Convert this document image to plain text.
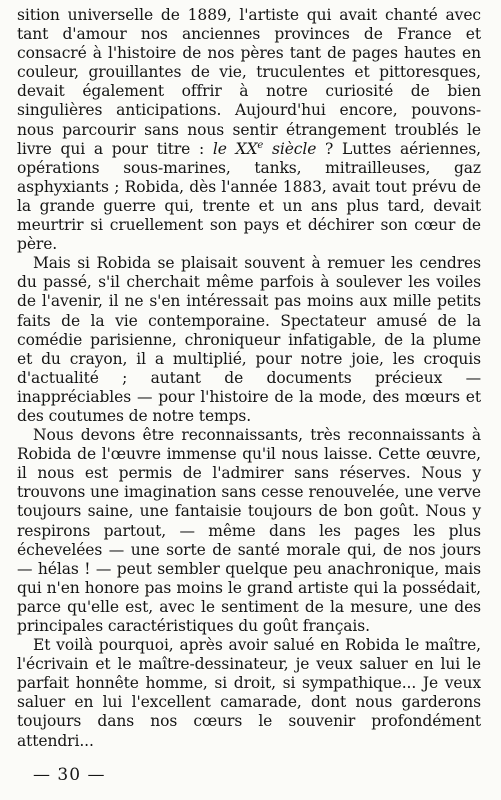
sition universelle de 1889, l'artiste qui avait chanté avec tant d'amour nos anciennes provinces de France et consacré à l'histoire de nos pères tant de pages hautes en couleur, grouillantes de vie, truculentes et pittoresques, devait également offrir à notre curiosité de bien singulières anticipations. Aujourd'hui encore, pouvons-nous parcourir sans nous sentir étrangement troublés le livre qui a pour titre : le XXe siècle ? Luttes aériennes, opérations sous-marines, tanks, mitrailleuses, gaz asphyxiants ; Robida, dès l'année 1883, avait tout prévu de la grande guerre qui, trente et un ans plus tard, devait meurtrir si cruellement son pays et déchirer son cœur de père.

Mais si Robida se plaisait souvent à remuer les cendres du passé, s'il cherchait même parfois à soulever les voiles de l'avenir, il ne s'en intéressait pas moins aux mille petits faits de la vie contemporaine. Spectateur amusé de la comédie parisienne, chroniqueur infatigable, de la plume et du crayon, il a multiplié, pour notre joie, les croquis d'actualité ; autant de documents précieux — inappréciables — pour l'histoire de la mode, des mœurs et des coutumes de notre temps.

Nous devons être reconnaissants, très reconnaissants à Robida de l'œuvre immense qu'il nous laisse. Cette œuvre, il nous est permis de l'admirer sans réserves. Nous y trouvons une imagination sans cesse renouvelée, une verve toujours saine, une fantaisie toujours de bon goût. Nous y respirons partout, — même dans les pages les plus échevelées — une sorte de santé morale qui, de nos jours — hélas ! — peut sembler quelque peu anachronique, mais qui n'en honore pas moins le grand artiste qui la possédait, parce qu'elle est, avec le sentiment de la mesure, une des principales caractéristiques du goût français.

Et voilà pourquoi, après avoir salué en Robida le maître, l'écrivain et le maître-dessinateur, je veux saluer en lui le parfait honnête homme, si droit, si sympathique... Je veux saluer en lui l'excellent camarade, dont nous garderons toujours dans nos cœurs le souvenir profondément attendri...

— 30 —
